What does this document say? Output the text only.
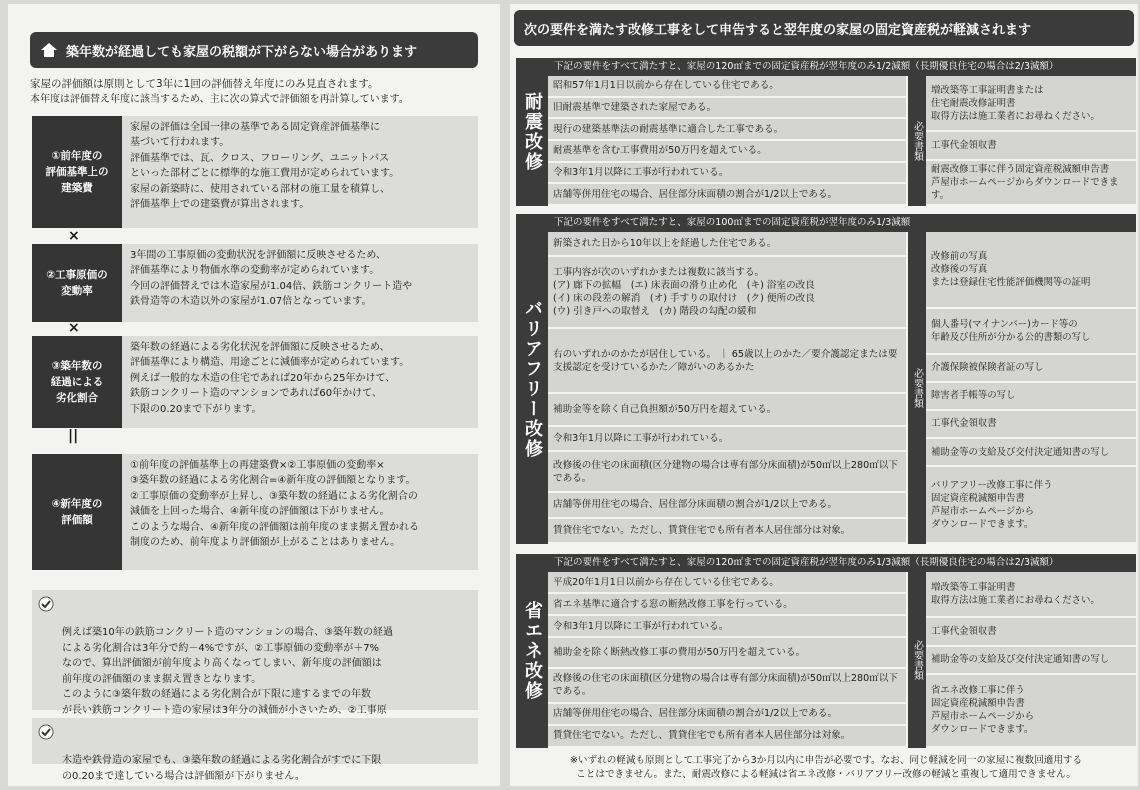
築年数が経過しても家屋の税額が下がらない場合があります
家屋の評価額は原則として3年に1回の評価替え年度にのみ見直されます。
本年度は評価替え年度に該当するため、主に次の算式で評価額を再計算しています。
①前年度の
評価基準上の
建築費
家屋の評価は全国一律の基準である固定資産評価基準に
基づいて行われます。
評価基準では、瓦、クロス、フローリング、ユニットバス
といった部材ごとに標準的な施工費用が定められています。
家屋の新築時に、使用されている部材の施工量を積算し、
評価基準上での建築費が算出されます。
×
②工事原価の
変動率
3年間の工事原価の変動状況を評価額に反映させるため、
評価基準により物価水準の変動率が定められています。
今回の評価替えでは木造家屋が1.04倍、鉄筋コンクリート造や
鉄骨造等の木造以外の家屋が1.07倍となっています。
×
③築年数の
経過による
劣化割合
築年数の経過による劣化状況を評価額に反映させるため、
評価基準により構造、用途ごとに減価率が定められています。
例えば一般的な木造の住宅であれば20年から25年かけて、
鉄筋コンクリート造のマンションであれば60年かけて、
下限の0.20まで下がります。
||
④新年度の
評価額
①前年度の評価基準上の再建築費×②工事原価の変動率×
③築年数の経過による劣化割合=④新年度の評価額となります。
②工事原価の変動率が上昇し、③築年数の経過による劣化割合の
減価を上回った場合、④新年度の評価額は下がりません。
このような場合、④新年度の評価額は前年度のまま据え置かれる
制度のため、前年度より評価額が上がることはありません。

例えば築10年の鉄筋コンクリート造のマンションの場合、③築年数の経過
による劣化割合は3年分で約－4%ですが、②工事原価の変動率が＋7%
なので、算出評価額が前年度より高くなってしまい、新年度の評価額は
前年度の評価額のまま据え置きとなります。
このように③築年数の経過による劣化割合が下限に達するまでの年数
が長い鉄筋コンクリート造の家屋は3年分の減価が小さいため、②工事原

木造や鉄骨造の家屋でも、③築年数の経過による劣化割合がすでに下限
の0.20まで達している場合は評価額が下がりません。

次の要件を満たす改修工事をして申告すると翌年度の家屋の固定資産税が軽減されます
耐震改修
下記の要件をすべて満たすと、家屋の120㎡までの固定資産税が翌年度のみ1/2減額（長期優良住宅の場合は2/3減額）
昭和57年1月1日以前から存在している住宅である。
旧耐震基準で建築された家屋である。
現行の建築基準法の耐震基準に適合した工事である。
耐震基準を含む工事費用が50万円を超えている。
令和3年1月以降に工事が行われている。
店舗等併用住宅の場合、居住部分床面積の割合が1/2以上である。
必要書類
増改築等工事証明書または
住宅耐震改修証明書
取得方法は施工業者にお尋ねください。
工事代金領収書
耐震改修工事に伴う固定資産税減額申告書
芦屋市ホームページからダウンロードできます。
バリアフリー改修
下記の要件をすべて満たすと、家屋の100㎡までの固定資産税が翌年度のみ1/3減額
新築された日から10年以上を経過した住宅である。
工事内容が次のいずれかまたは複数に該当する。
(ア) 廊下の拡幅　(エ) 床表面の滑り止め化　(キ) 浴室の改良
(イ) 床の段差の解消　(オ) 手すりの取付け　(ク) 便所の改良
(ウ) 引き戸への取替え　(カ) 階段の勾配の緩和
右のいずれかのかたが居住している。 ｜ 65歳以上のかた／要介護認定または要支援認定を受けているかた／障がいのあるかた
補助金等を除く自己負担額が50万円を超えている。
令和3年1月以降に工事が行われている。
改修後の住宅の床面積(区分建物の場合は専有部分床面積)が50㎡以上280㎡以下である。
店舗等併用住宅の場合、居住部分床面積の割合が1/2以上である。
賃貸住宅でない。ただし、賃貸住宅でも所有者本人居住部分は対象。
必要書類
改修前の写真
改修後の写真
または登録住宅性能評価機関等の証明
個人番号(マイナンバー)カード等の
年齢及び住所が分かる公的書類の写し
介護保険被保険者証の写し
障害者手帳等の写し
工事代金領収書
補助金等の支給及び交付決定通知書の写し
バリアフリー改修工事に伴う
固定資産税減額申告書
芦屋市ホームページから
ダウンロードできます。
省エネ改修
下記の要件をすべて満たすと、家屋の120㎡までの固定資産税が翌年度のみ1/3減額（長期優良住宅の場合は2/3減額）
平成20年1月1日以前から存在している住宅である。
省エネ基準に適合する窓の断熱改修工事を行っている。
令和3年1月以降に工事が行われている。
補助金を除く断熱改修工事の費用が50万円を超えている。
改修後の住宅の床面積(区分建物の場合は専有部分床面積)が50㎡以上280㎡以下である。
店舗等併用住宅の場合、居住部分床面積の割合が1/2以上である。
賃貸住宅でない。ただし、賃貸住宅でも所有者本人居住部分は対象。
必要書類
増改築等工事証明書
取得方法は施工業者にお尋ねください。
工事代金領収書
補助金等の支給及び交付決定通知書の写し
省エネ改修工事に伴う
固定資産税減額申告書
芦屋市ホームページから
ダウンロードできます。
※いずれの軽減も原則として工事完了から3か月以内に申告が必要です。なお、同じ軽減を同一の家屋に複数回適用する
ことはできません。また、耐震改修による軽減は省エネ改修・バリアフリー改修の軽減と重複して適用できません。
